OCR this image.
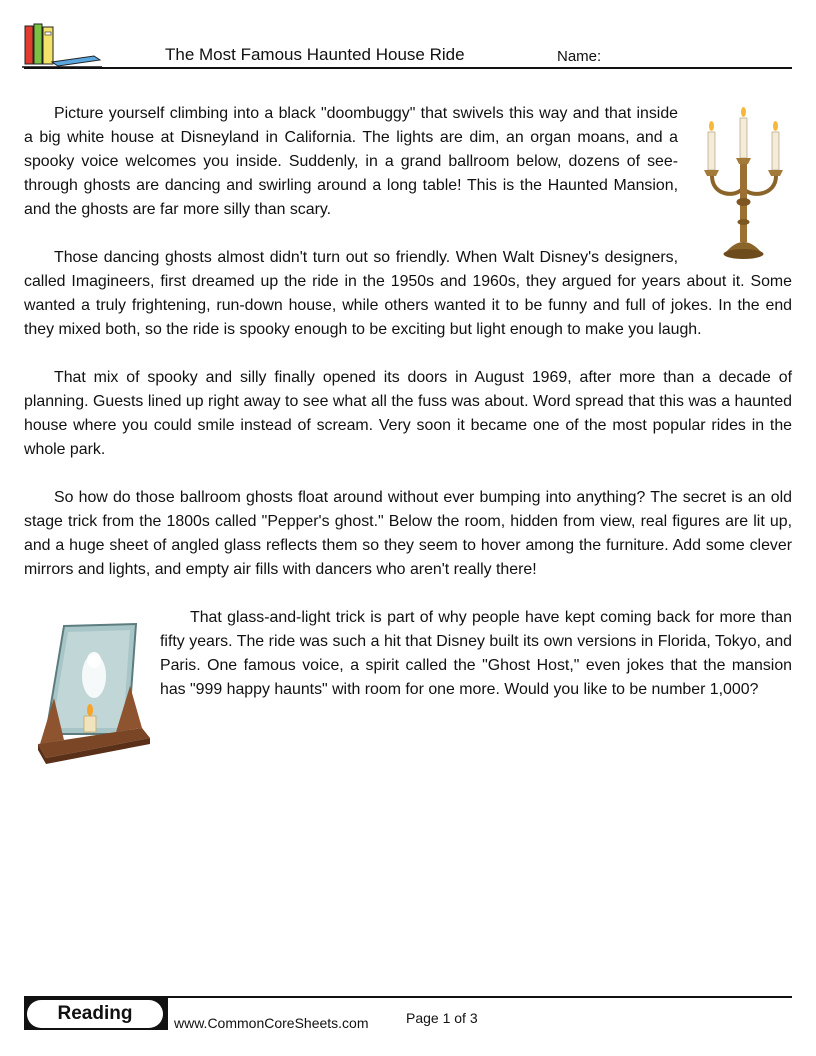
The Most Famous Haunted House Ride	Name:

Picture yourself climbing into a black "doombuggy" that swivels this way and that inside a big white house at Disneyland in California. The lights are dim, an organ moans, and a spooky voice welcomes you inside. Suddenly, in a grand ballroom below, dozens of see-through ghosts are dancing and swirling around a long table! This is the Haunted Mansion, and the ghosts are far more silly than scary.

Those dancing ghosts almost didn't turn out so friendly. When Walt Disney's designers, called Imagineers, first dreamed up the ride in the 1950s and 1960s, they argued for years about it. Some wanted a truly frightening, run-down house, while others wanted it to be funny and full of jokes. In the end they mixed both, so the ride is spooky enough to be exciting but light enough to make you laugh.

That mix of spooky and silly finally opened its doors in August 1969, after more than a decade of planning. Guests lined up right away to see what all the fuss was about. Word spread that this was a haunted house where you could smile instead of scream. Very soon it became one of the most popular rides in the whole park.

So how do those ballroom ghosts float around without ever bumping into anything? The secret is an old stage trick from the 1800s called "Pepper's ghost." Below the room, hidden from view, real figures are lit up, and a huge sheet of angled glass reflects them so they seem to hover among the furniture. Add some clever mirrors and lights, and empty air fills with dancers who aren't really there!

That glass-and-light trick is part of why people have kept coming back for more than fifty years. The ride was such a hit that Disney built its own versions in Florida, Tokyo, and Paris. One famous voice, a spirit called the "Ghost Host," even jokes that the mansion has "999 happy haunts" with room for one more. Would you like to be number 1,000?

Reading	www.CommonCoreSheets.com	Page 1 of 3
